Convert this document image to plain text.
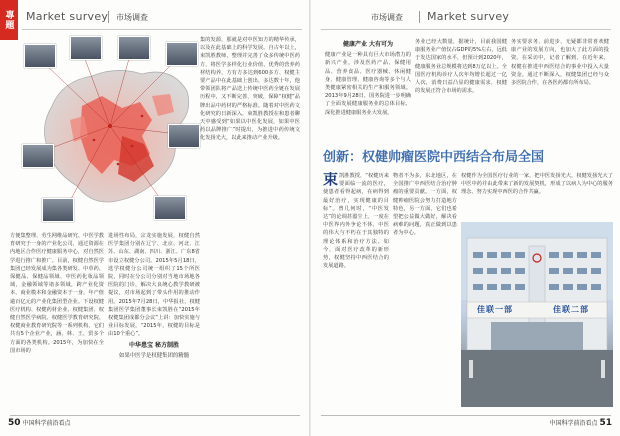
專題	Market survey 市场调查
集的发源，那就是对中医知方的精华传承，以及在此基础上的科学发展。自古年以上，束凯胜教师，整理并完善了众多传统中医药方，将医学多样化行业价值、优秀的营养药材结构养，方有方多达到600多方、权健主要产品中在此基础上创出、多达数十年，他带领团队将产品送上传统中医药全链在发展历程中，又不断完善，突破，保障“权健”品牌出品中药材的严格标准。随着对中医药文化研究的日新深入，束凯胜教授在和患者聊天中感受到“如果以中医化发展，如果中医药以品牌推广”时提出，为推进中药传统文化发扬光大，以此来推动产业升级。
方便集整理、劳生网维品研究、中医学教育研究于一身的产业化公司，通过资源在内地区合作医疗健康服务中心，对自然医学进行推广和推广。目前，权健自然医学集团已经发展成为集各类研发、中草药、保健品、保健品领域、中医药化妆品领域，金融领域等诸多领域，跨产业化资本，商业模本和金融资本于一身，年产值逾百亿元的产业化集团型企业。下设权健医疗机构、权健药材企业、权健集团、权健自然医学病院、权健医学教育研究院、权健商业教育研究院等一系列机构，它们共有5个企业产业，涵、林、王、贸多个方面的各类机构。2015年，为加快在全国市场的
进场性布局，宗龙实施发展，权健自然医学集团分别在辽宁、北京、河北、江苏、山东、湖南、四川、浙江、广东8省市设立权健分公司。2015年5月18日，选学权健分公司统一组织了15个所医院，同时在分公司分别对当地市场地各医院的门诊，解决大良统心教学教研被提议，对市场起到了带头作用的推动作用。2015年7月28日，中华报社，权健集团医学集团董事长束凯胜在“2015年权健集团成都分会议”上讲：加快实施与业目标发展，“2015年，权健的目标是由10个重心”。
中华患宝 秘方制胜
如果中医学是权健集团的精髓
50 中国科学前沿看点
市场调查 Market survey
健康产业 大有可为
健康产业是一种具有巨大市场潜力的新兴产业，涉及医药产品、保健用品、营养食品、医疗器械、休闲健身、健康管理、健康咨询等多个与人类健康紧密相关的生产和服务领域。2013年9月28日，国务院进一步明确了全面发展健康服务业的总体目标，深化推进健康服务业大发展。
务业已经大数量，据统计，目前我国健康服务业产值仅占GDP的5%左右，远低于发达国家的水平，但预计到2020年，健康服务业总规模将达到8万亿以上。全国医疗机构诊疗人次年均增长超过一亿人次，消费日益凸显的健康需求，权健的发展正符合市场的需求。
务实要求务、前进步、无疑都非常喜欢健康产业的发展方向，也加大了此方面的投资。在采访中，记者了解到，在近年来，权健在推进中西医结合的事业中投入大量资金。通过不断深入，权健集团已经与众多医院合作，在各医药都有所布局。
创新：权健帅瘤医院中西结合布局全国
束 凯胜教授，“权健历来要面临一流的医疗，使患者看得起病，在病得到最好治疗，实现健康的目标”。曾几何时，“中医发达”的论调甚嚣尘上，一度在中医界内外争论不休，中医的伟大与不朽在于其独特的理论体系和治疗方法。如今，面对医疗改革的新形势，权健坚持中西医结合的发展道路。
物者不为多，东北地区，在全国推广中西医结合治疗肿瘤的重要贡献。一方面，权健帅瘤医院会努力打造地方特色，另一方面，它们也希望把公益做大做好，解决看病难的问题，真正做到以患者为中心。
权健作为全国医疗行业的一家，把中医发扬光大，权健发扬光大了中医中药并由此带来了新的发展契机，形成了以病人为中心的服务理念，努力实现中西医的合作共赢。
佳联一部	佳联二部
中国科学前沿看点 51
